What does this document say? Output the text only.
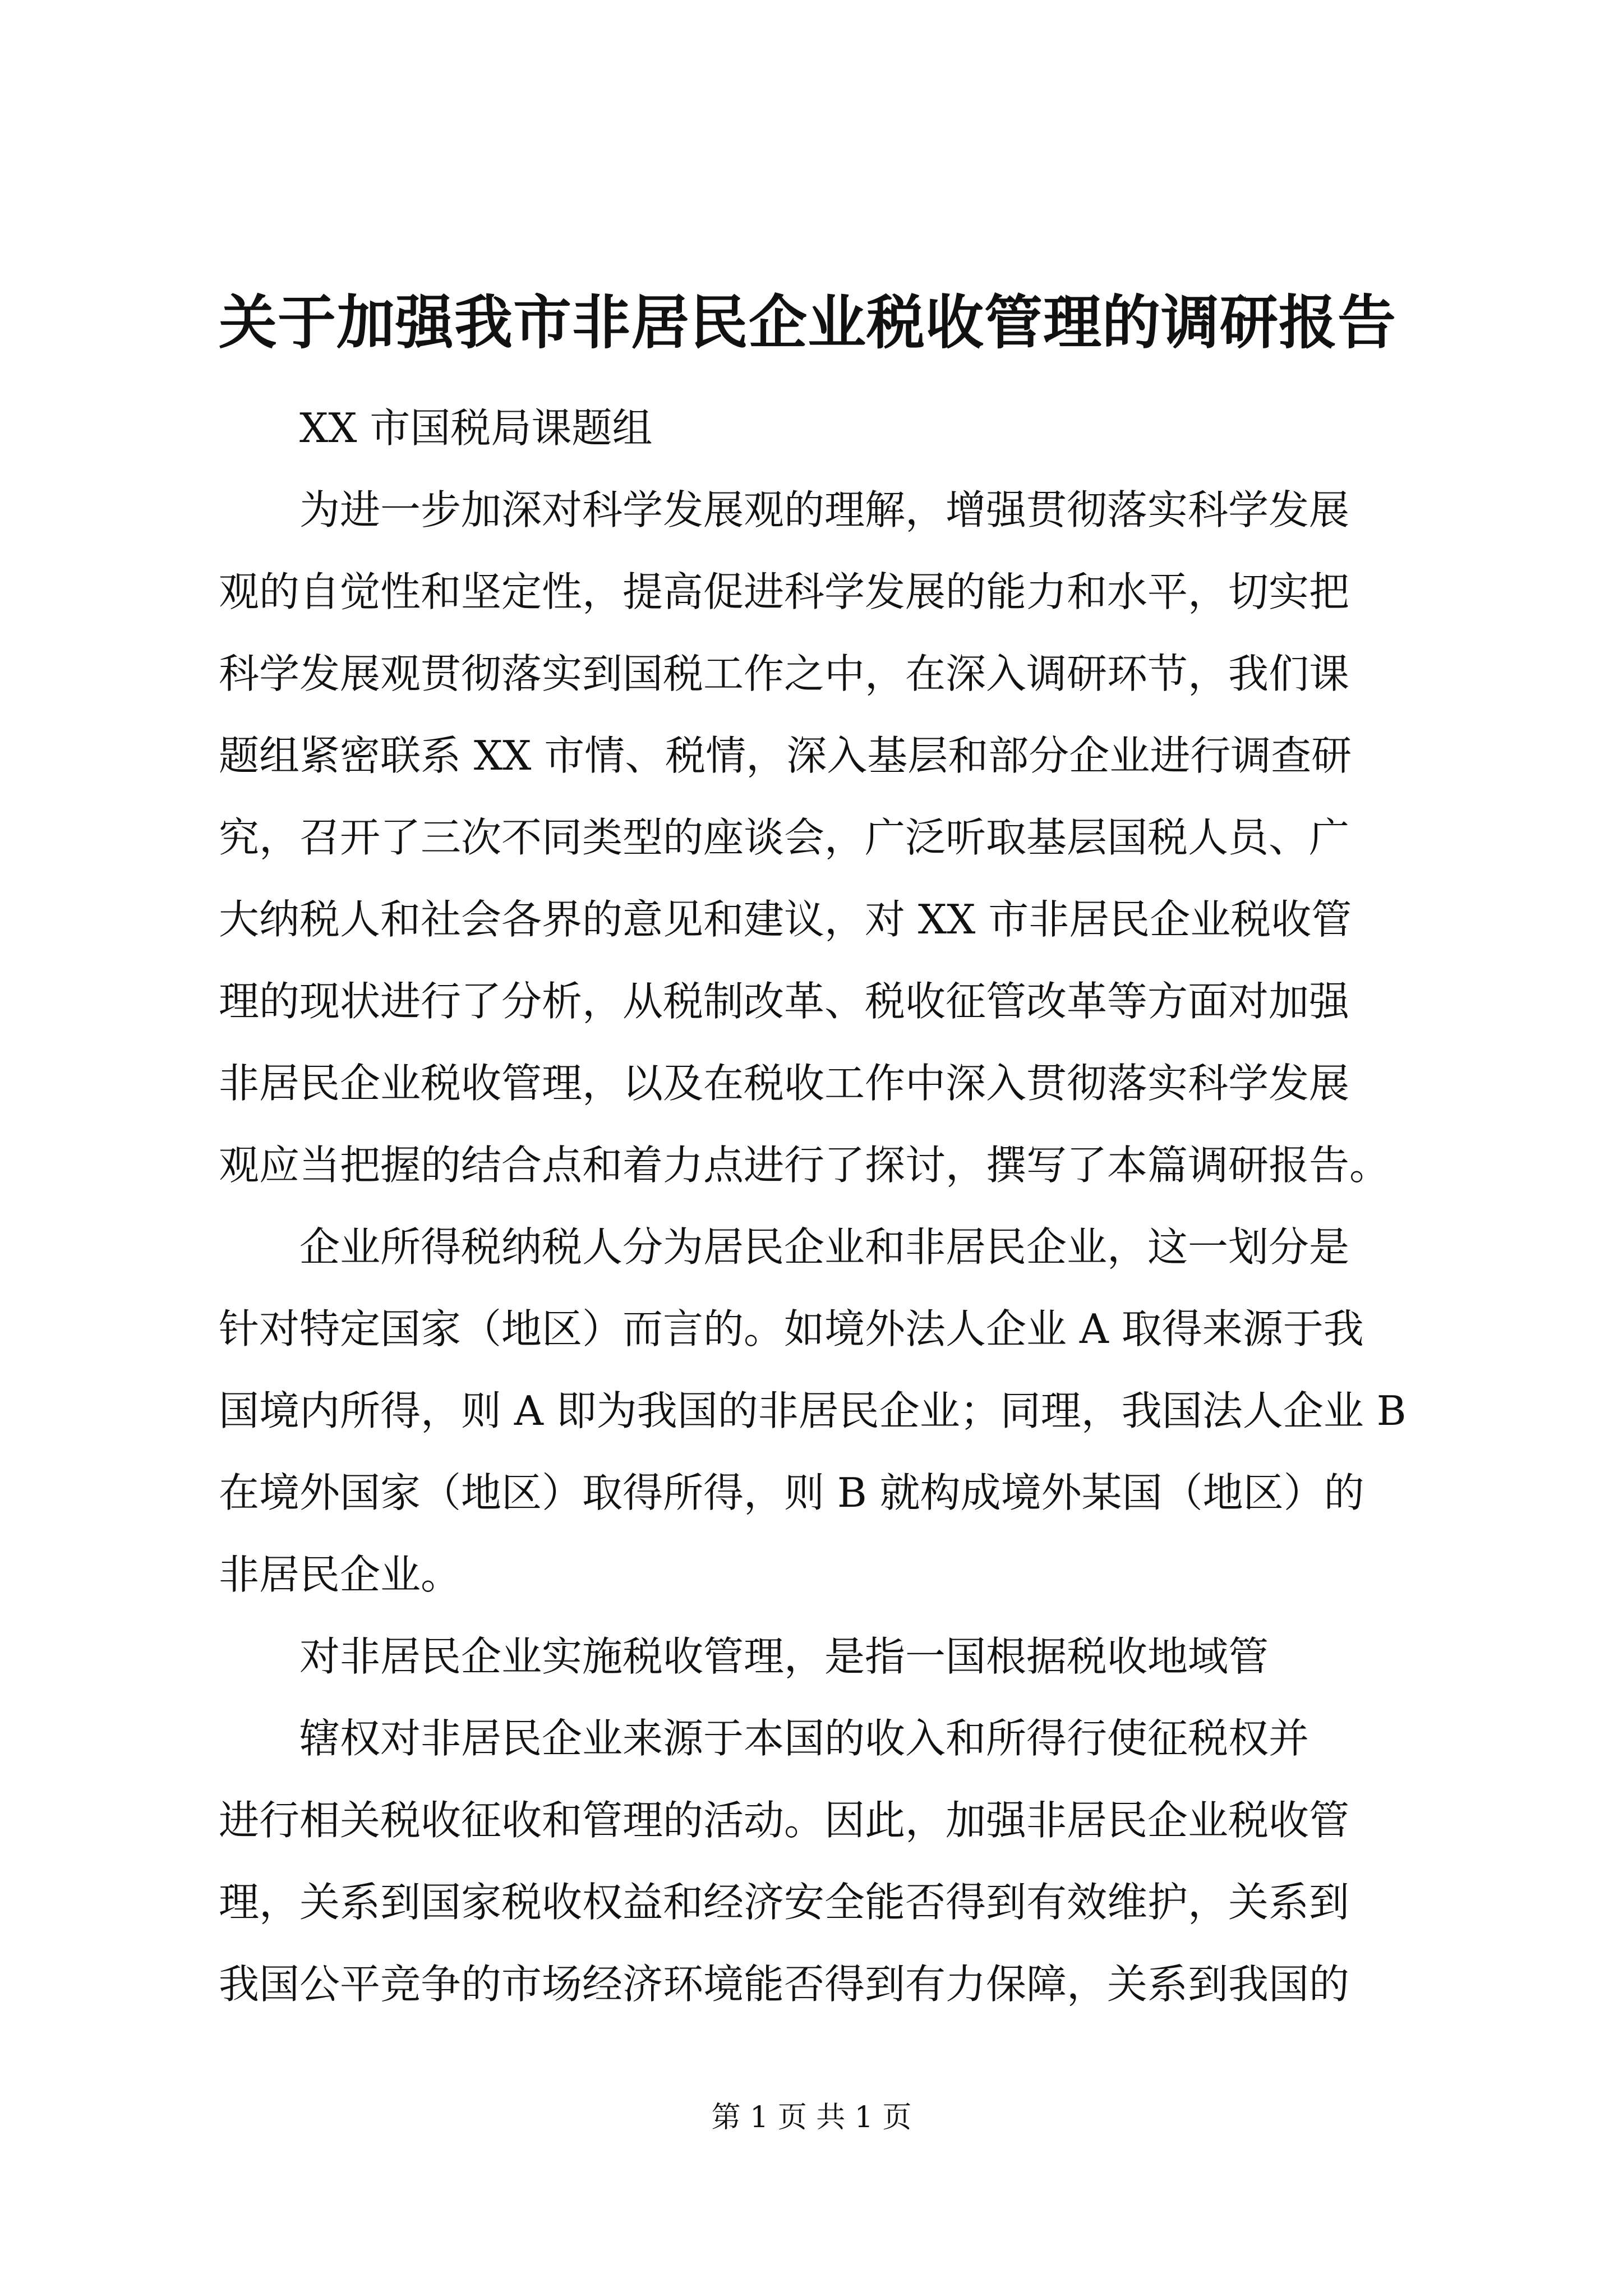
关于加强我市非居民企业税收管理的调研报告

XX 市国税局课题组

为进一步加深对科学发展观的理解，增强贯彻落实科学发展
观的自觉性和坚定性，提高促进科学发展的能力和水平，切实把
科学发展观贯彻落实到国税工作之中，在深入调研环节，我们课
题组紧密联系 XX 市情、税情，深入基层和部分企业进行调查研
究，召开了三次不同类型的座谈会，广泛听取基层国税人员、广
大纳税人和社会各界的意见和建议，对 XX 市非居民企业税收管
理的现状进行了分析，从税制改革、税收征管改革等方面对加强
非居民企业税收管理，以及在税收工作中深入贯彻落实科学发展
观应当把握的结合点和着力点进行了探讨，撰写了本篇调研报告。

企业所得税纳税人分为居民企业和非居民企业，这一划分是
针对特定国家（地区）而言的。如境外法人企业 A 取得来源于我
国境内所得，则 A 即为我国的非居民企业；同理，我国法人企业 B
在境外国家（地区）取得所得，则 B 就构成境外某国（地区）的
非居民企业。

对非居民企业实施税收管理，是指一国根据税收地域管

辖权对非居民企业来源于本国的收入和所得行使征税权并
进行相关税收征收和管理的活动。因此，加强非居民企业税收管
理，关系到国家税收权益和经济安全能否得到有效维护，关系到
我国公平竞争的市场经济环境能否得到有力保障，关系到我国的

第 1 页 共 1 页
